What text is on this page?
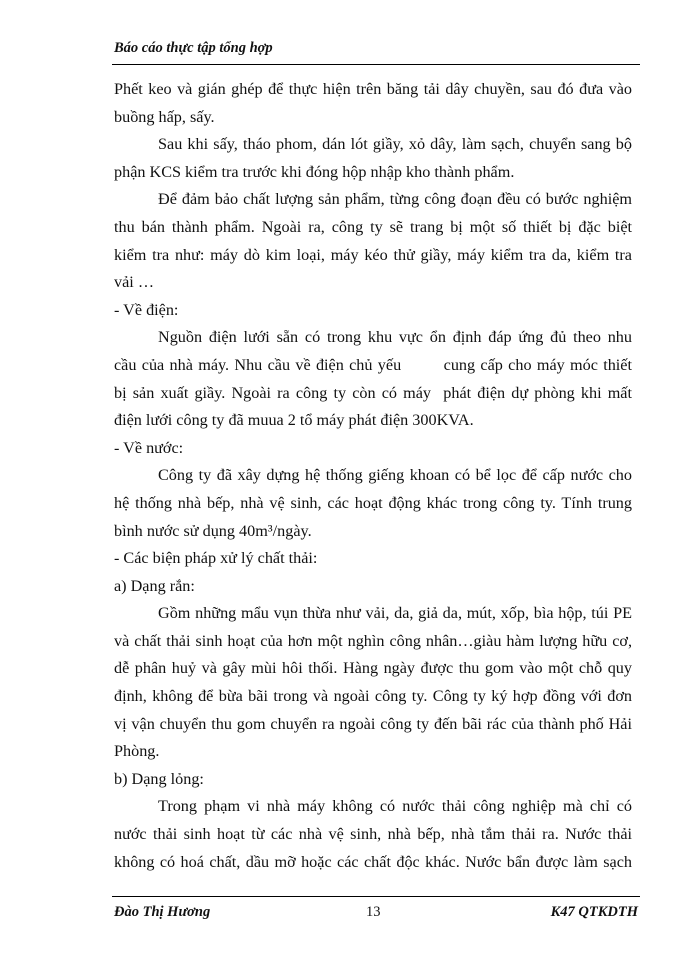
Báo cáo thực tập tổng hợp
Phết keo và gián ghép để thực hiện trên băng tải dây chuyền, sau đó đưa vào
buồng hấp, sấy.
Sau khi sấy, tháo phom, dán lót giầy, xỏ dây, làm sạch, chuyển sang bộ
phận KCS kiểm tra trước khi đóng hộp nhập kho thành phẩm.
Để đảm bảo chất lượng sản phẩm, từng công đoạn đều có bước nghiệm
thu bán thành phẩm. Ngoài ra, công ty sẽ trang bị một số thiết bị đặc biệt
kiểm tra như: máy dò kim loại, máy kéo thử giầy, máy kiểm tra da, kiểm tra
vải …
- Về điện:
Nguồn điện lưới sẵn có trong khu vực ổn định đáp ứng đủ theo nhu
cầu của nhà máy. Nhu cầu về điện chủ yếu        cung cấp cho máy móc thiết
bị sản xuất giầy. Ngoài ra công ty còn có máy  phát điện dự phòng khi mất
điện lưới công ty đã muua 2 tổ máy phát điện 300KVA.
- Về nước:
Công ty đã xây dựng hệ thống giếng khoan có bể lọc để cấp nước cho
hệ thống nhà bếp, nhà vệ sinh, các hoạt động khác trong công ty. Tính trung
bình nước sử dụng 40m³/ngày.
- Các biện pháp xử lý chất thải:
a) Dạng rắn:
Gồm những mẩu vụn thừa như vải, da, giả da, mút, xốp, bìa hộp, túi PE
và chất thải sinh hoạt của hơn một nghìn công nhân…giàu hàm lượng hữu cơ,
dễ phân huỷ và gây mùi hôi thối. Hàng ngày được thu gom vào một chỗ quy
định, không để bừa bãi trong và ngoài công ty. Công ty ký hợp đồng với đơn
vị vận chuyển thu gom chuyển ra ngoài công ty đến bãi rác của thành phố Hải
Phòng.
b) Dạng lỏng:
Trong phạm vi nhà máy không có nước thải công nghiệp mà chỉ có
nước thải sinh hoạt từ các nhà vệ sinh, nhà bếp, nhà tắm thải ra. Nước thải
không có hoá chất, dầu mỡ hoặc các chất độc khác. Nước bẩn được làm sạch
Đào Thị Hương	13	K47 QTKDTH
